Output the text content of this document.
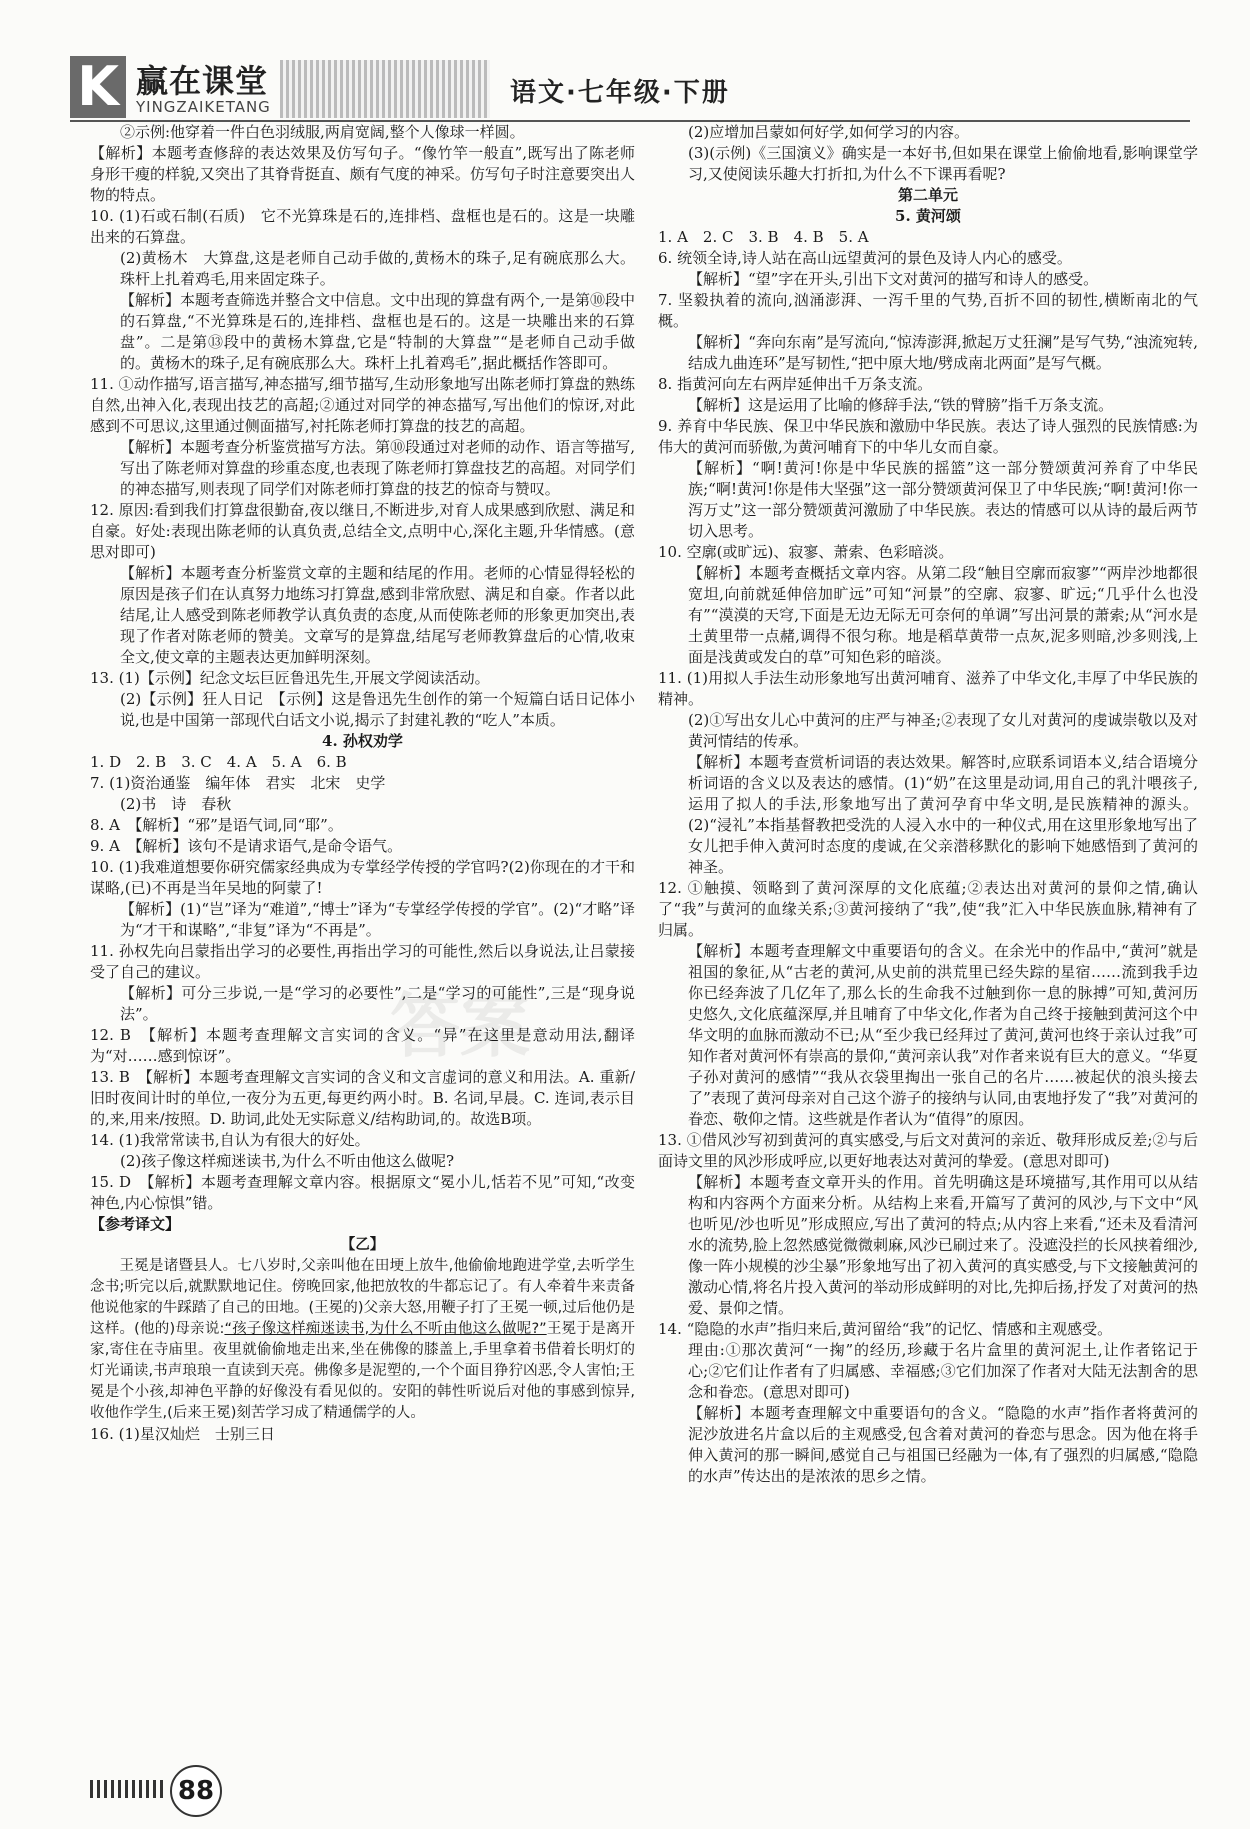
K 赢在课堂
YINGZAIKETANG	语文·七年级·下册

②示例:他穿着一件白色羽绒服,两肩宽阔,整个人像球一样圆。

【解析】本题考查修辞的表达效果及仿写句子。“像竹竿一般直”,既写出了陈老师身形干瘦的样貌,又突出了其脊背挺直、颇有气度的神采。仿写句子时注意要突出人物的特点。

10. (1)石或石制(石质)　它不光算珠是石的,连排档、盘框也是石的。这是一块雕出来的石算盘。

(2)黄杨木　大算盘,这是老师自己动手做的,黄杨木的珠子,足有碗底那么大。珠杆上扎着鸡毛,用来固定珠子。

【解析】本题考查筛选并整合文中信息。文中出现的算盘有两个,一是第⑩段中的石算盘,“不光算珠是石的,连排档、盘框也是石的。这是一块雕出来的石算盘”。二是第⑬段中的黄杨木算盘,它是“特制的大算盘”“是老师自己动手做的。黄杨木的珠子,足有碗底那么大。珠杆上扎着鸡毛”,据此概括作答即可。

11. ①动作描写,语言描写,神态描写,细节描写,生动形象地写出陈老师打算盘的熟练自然,出神入化,表现出技艺的高超;②通过对同学的神态描写,写出他们的惊讶,对此感到不可思议,这里通过侧面描写,衬托陈老师打算盘的技艺的高超。

【解析】本题考查分析鉴赏描写方法。第⑩段通过对老师的动作、语言等描写,写出了陈老师对算盘的珍重态度,也表现了陈老师打算盘技艺的高超。对同学们的神态描写,则表现了同学们对陈老师打算盘的技艺的惊奇与赞叹。

12. 原因:看到我们打算盘很勤奋,夜以继日,不断进步,对育人成果感到欣慰、满足和自豪。好处:表现出陈老师的认真负责,总结全文,点明中心,深化主题,升华情感。(意思对即可)

【解析】本题考查分析鉴赏文章的主题和结尾的作用。老师的心情显得轻松的原因是孩子们在认真努力地练习打算盘,感到非常欣慰、满足和自豪。作者以此结尾,让人感受到陈老师教学认真负责的态度,从而使陈老师的形象更加突出,表现了作者对陈老师的赞美。文章写的是算盘,结尾写老师教算盘后的心情,收束全文,使文章的主题表达更加鲜明深刻。

13. (1)【示例】纪念文坛巨匠鲁迅先生,开展文学阅读活动。

(2)【示例】狂人日记　【示例】这是鲁迅先生创作的第一个短篇白话日记体小说,也是中国第一部现代白话文小说,揭示了封建礼教的“吃人”本质。

4. 孙权劝学

1. D　2. B　3. C　4. A　5. A　6. B

7. (1)资治通鉴　编年体　君实　北宋　史学

(2)书　诗　春秋

8. A　【解析】“邪”是语气词,同“耶”。

9. A　【解析】该句不是请求语气,是命令语气。

10. (1)我难道想要你研究儒家经典成为专掌经学传授的学官吗?(2)你现在的才干和谋略,(已)不再是当年吴地的阿蒙了!

【解析】(1)“岂”译为“难道”,“博士”译为“专掌经学传授的学官”。(2)“才略”译为“才干和谋略”,“非复”译为“不再是”。

11. 孙权先向吕蒙指出学习的必要性,再指出学习的可能性,然后以身说法,让吕蒙接受了自己的建议。

【解析】可分三步说,一是“学习的必要性”,二是“学习的可能性”,三是“现身说法”。

12. B　【解析】本题考查理解文言实词的含义。“异”在这里是意动用法,翻译为“对……感到惊讶”。

13. B　【解析】本题考查理解文言实词的含义和文言虚词的意义和用法。A. 重新/旧时夜间计时的单位,一夜分为五更,每更约两小时。B. 名词,早晨。C. 连词,表示目的,来,用来/按照。D. 助词,此处无实际意义/结构助词,的。故选B项。

14. (1)我常常读书,自认为有很大的好处。

(2)孩子像这样痴迷读书,为什么不听由他这么做呢?

15. D　【解析】本题考查理解文章内容。根据原文“冕小儿,恬若不见”可知,“改变神色,内心惊惧”错。

【参考译文】

【乙】

　　王冕是诸暨县人。七八岁时,父亲叫他在田埂上放牛,他偷偷地跑进学堂,去听学生念书;听完以后,就默默地记住。傍晚回家,他把放牧的牛都忘记了。有人牵着牛来责备他说他家的牛踩踏了自己的田地。(王冕的)父亲大怒,用鞭子打了王冕一顿,过后他仍是这样。(他的)母亲说:“孩子像这样痴迷读书,为什么不听由他这么做呢?”王冕于是离开家,寄住在寺庙里。夜里就偷偷地走出来,坐在佛像的膝盖上,手里拿着书借着长明灯的灯光诵读,书声琅琅一直读到天亮。佛像多是泥塑的,一个个面目狰狞凶恶,令人害怕;王冕是个小孩,却神色平静的好像没有看见似的。安阳的韩性听说后对他的事感到惊异,收他作学生,(后来王冕)刻苦学习成了精通儒学的人。

16. (1)星汉灿烂　士别三日

(2)应增加吕蒙如何好学,如何学习的内容。

(3)(示例)《三国演义》确实是一本好书,但如果在课堂上偷偷地看,影响课堂学习,又使阅读乐趣大打折扣,为什么不下课再看呢?

第二单元

5. 黄河颂

1. A　2. C　3. B　4. B　5. A

6. 统领全诗,诗人站在高山远望黄河的景色及诗人内心的感受。

【解析】“望”字在开头,引出下文对黄河的描写和诗人的感受。

7. 坚毅执着的流向,汹涌澎湃、一泻千里的气势,百折不回的韧性,横断南北的气概。

【解析】“奔向东南”是写流向,“惊涛澎湃,掀起万丈狂澜”是写气势,“浊流宛转,结成九曲连环”是写韧性,“把中原大地/劈成南北两面”是写气概。

8. 指黄河向左右两岸延伸出千万条支流。

【解析】这是运用了比喻的修辞手法,“铁的臂膀”指千万条支流。

9. 养育中华民族、保卫中华民族和激励中华民族。表达了诗人强烈的民族情感:为伟大的黄河而骄傲,为黄河哺育下的中华儿女而自豪。

【解析】“啊!黄河!你是中华民族的摇篮”这一部分赞颂黄河养育了中华民族;“啊!黄河!你是伟大坚强”这一部分赞颂黄河保卫了中华民族;“啊!黄河!你一泻万丈”这一部分赞颂黄河激励了中华民族。表达的情感可以从诗的最后两节切入思考。

10. 空廓(或旷远)、寂寥、萧索、色彩暗淡。

【解析】本题考查概括文章内容。从第二段“触目空廓而寂寥”“两岸沙地都很宽坦,向前就延伸倍加旷远”可知“河景”的空廓、寂寥、旷远;“几乎什么也没有”“漠漠的天穹,下面是无边无际无可奈何的单调”写出河景的萧索;从“河水是土黄里带一点赭,调得不很匀称。地是稻草黄带一点灰,泥多则暗,沙多则浅,上面是浅黄或发白的草”可知色彩的暗淡。

11. (1)用拟人手法生动形象地写出黄河哺育、滋养了中华文化,丰厚了中华民族的精神。

(2)①写出女儿心中黄河的庄严与神圣;②表现了女儿对黄河的虔诚崇敬以及对黄河情结的传承。

【解析】本题考查赏析词语的表达效果。解答时,应联系词语本义,结合语境分析词语的含义以及表达的感情。(1)“奶”在这里是动词,用自己的乳汁喂孩子,运用了拟人的手法,形象地写出了黄河孕育中华文明,是民族精神的源头。(2)“浸礼”本指基督教把受洗的人浸入水中的一种仪式,用在这里形象地写出了女儿把手伸入黄河时态度的虔诚,在父亲潜移默化的影响下她感悟到了黄河的神圣。

12. ①触摸、领略到了黄河深厚的文化底蕴;②表达出对黄河的景仰之情,确认了“我”与黄河的血缘关系;③黄河接纳了“我”,使“我”汇入中华民族血脉,精神有了归属。

【解析】本题考查理解文中重要语句的含义。在余光中的作品中,“黄河”就是祖国的象征,从“古老的黄河,从史前的洪荒里已经失踪的星宿……流到我手边你已经奔波了几亿年了,那么长的生命我不过触到你一息的脉搏”可知,黄河历史悠久,文化底蕴深厚,并且哺育了中华文化,作者为自己终于接触到黄河这个中华文明的血脉而激动不已;从“至少我已经拜过了黄河,黄河也终于亲认过我”可知作者对黄河怀有崇高的景仰,“黄河亲认我”对作者来说有巨大的意义。“华夏子孙对黄河的感情”“我从衣袋里掏出一张自己的名片……被起伏的浪头接去了”表现了黄河母亲对自己这个游子的接纳与认同,由衷地抒发了“我”对黄河的眷恋、敬仰之情。这些就是作者认为“值得”的原因。

13. ①借风沙写初到黄河的真实感受,与后文对黄河的亲近、敬拜形成反差;②与后面诗文里的风沙形成呼应,以更好地表达对黄河的挚爱。(意思对即可)

【解析】本题考查文章开头的作用。首先明确这是环境描写,其作用可以从结构和内容两个方面来分析。从结构上来看,开篇写了黄河的风沙,与下文中“风也听见/沙也听见”形成照应,写出了黄河的特点;从内容上来看,“还未及看清河水的流势,脸上忽然感觉微微刺麻,风沙已刷过来了。没遮没拦的长风挟着细沙,像一阵小规模的沙尘暴”形象地写出了初入黄河的真实感受,与下文接触黄河的激动心情,将名片投入黄河的举动形成鲜明的对比,先抑后扬,抒发了对黄河的热爱、景仰之情。

14. “隐隐的水声”指归来后,黄河留给“我”的记忆、情感和主观感受。

理由:①那次黄河“一掬”的经历,珍藏于名片盒里的黄河泥土,让作者铭记于心;②它们让作者有了归属感、幸福感;③它们加深了作者对大陆无法割舍的思念和眷恋。(意思对即可)

【解析】本题考查理解文中重要语句的含义。“隐隐的水声”指作者将黄河的泥沙放进名片盒以后的主观感受,包含着对黄河的眷恋与思念。因为他在将手伸入黄河的那一瞬间,感觉自己与祖国已经融为一体,有了强烈的归属感,“隐隐的水声”传达出的是浓浓的思乡之情。

答案
88
